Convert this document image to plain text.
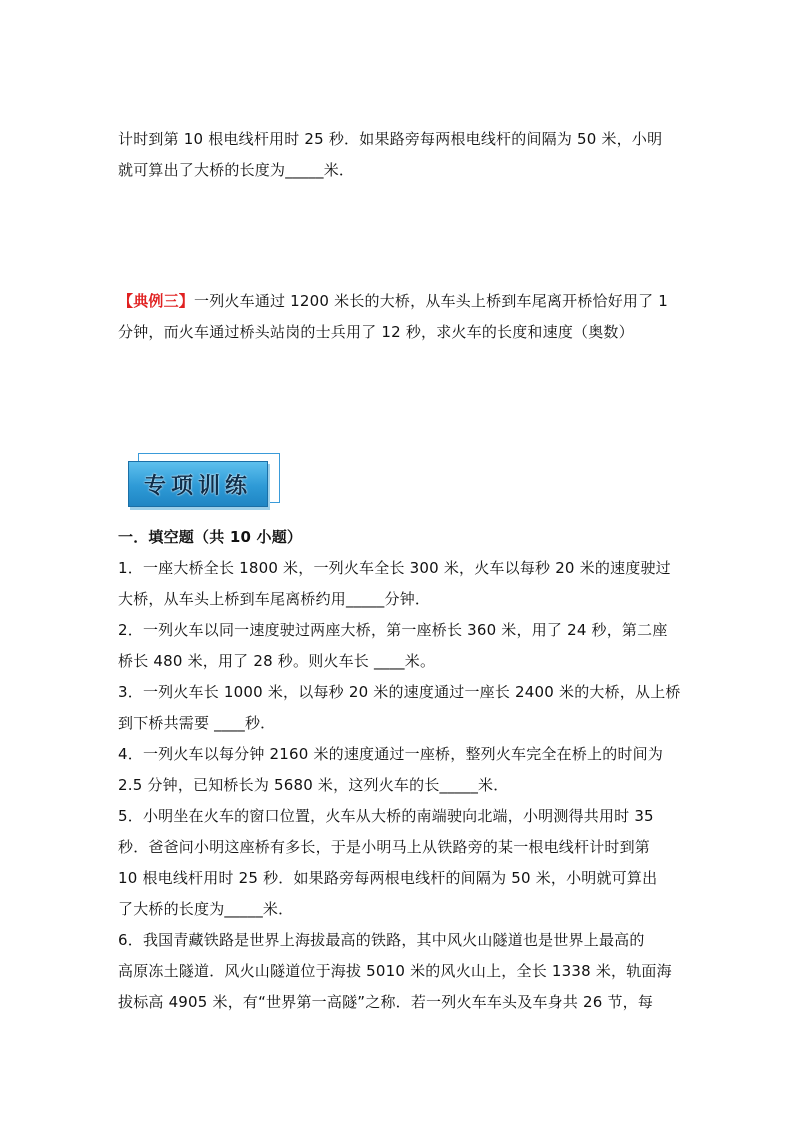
计时到第 10 根电线杆用时 25 秒．如果路旁每两根电线杆的间隔为 50 米，小明
就可算出了大桥的长度为_____米．
【典例三】一列火车通过 1200 米长的大桥，从车头上桥到车尾离开桥恰好用了 1
分钟，而火车通过桥头站岗的士兵用了 12 秒，求火车的长度和速度（奥数）
专项训练
一．填空题（共 10 小题）
1．一座大桥全长 1800 米，一列火车全长 300 米，火车以每秒 20 米的速度驶过
大桥，从车头上桥到车尾离桥约用_____分钟．
2．一列火车以同一速度驶过两座大桥，第一座桥长 360 米，用了 24 秒，第二座
桥长 480 米，用了 28 秒。则火车长 ____米。
3．一列火车长 1000 米，以每秒 20 米的速度通过一座长 2400 米的大桥，从上桥
到下桥共需要 ____秒．
4．一列火车以每分钟 2160 米的速度通过一座桥，整列火车完全在桥上的时间为
2.5 分钟，已知桥长为 5680 米，这列火车的长_____米．
5．小明坐在火车的窗口位置，火车从大桥的南端驶向北端，小明测得共用时 35
秒．爸爸问小明这座桥有多长，于是小明马上从铁路旁的某一根电线杆计时到第
10 根电线杆用时 25 秒．如果路旁每两根电线杆的间隔为 50 米，小明就可算出
了大桥的长度为_____米．
6．我国青藏铁路是世界上海拔最高的铁路，其中风火山隧道也是世界上最高的
高原冻土隧道．风火山隧道位于海拔 5010 米的风火山上，全长 1338 米，轨面海
拔标高 4905 米，有“世界第一高隧”之称．若一列火车车头及车身共 26 节，每
